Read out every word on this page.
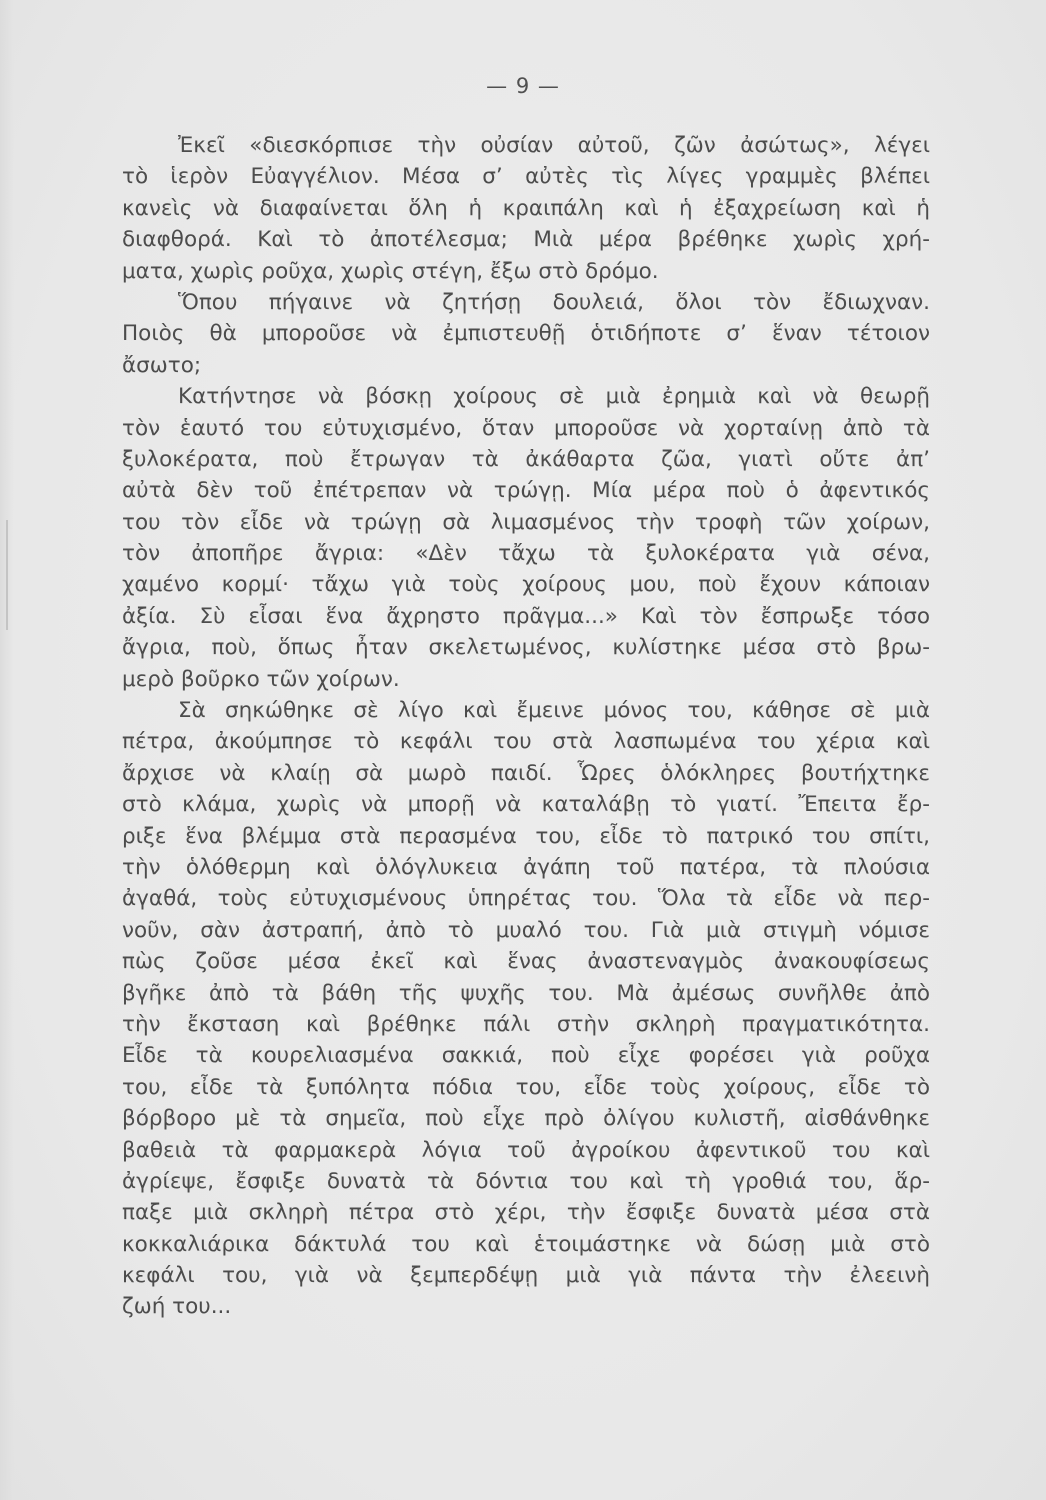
— 9 —
Ἐκεῖ «διεσκόρπισε τὴν οὐσίαν αὐτοῦ, ζῶν ἀσώτως», λέγει
τὸ ἱερὸν Εὐαγγέλιον. Μέσα σ’ αὐτὲς τὶς λίγες γραμμὲς βλέπει
κανεὶς νὰ διαφαίνεται ὅλη ἡ κραιπάλη καὶ ἡ ἐξαχρείωση καὶ ἡ
διαφθορά. Καὶ τὸ ἀποτέλεσμα; Μιὰ μέρα βρέθηκε χωρὶς χρή-
ματα, χωρὶς ροῦχα, χωρὶς στέγη, ἔξω στὸ δρόμο.
Ὅπου πήγαινε νὰ ζητήσῃ δουλειά, ὅλοι τὸν ἔδιωχναν.
Ποιὸς θὰ μποροῦσε νὰ ἐμπιστευθῇ ὁτιδήποτε σ’ ἕναν τέτοιον
ἄσωτο;
Κατήντησε νὰ βόσκῃ χοίρους σὲ μιὰ ἐρημιὰ καὶ νὰ θεωρῇ
τὸν ἑαυτό του εὐτυχισμένο, ὅταν μποροῦσε νὰ χορταίνῃ ἀπὸ τὰ
ξυλοκέρατα, ποὺ ἔτρωγαν τὰ ἀκάθαρτα ζῶα, γιατὶ οὔτε ἀπ’
αὐτὰ δὲν τοῦ ἐπέτρεπαν νὰ τρώγῃ. Μία μέρα ποὺ ὁ ἀφεντικός
του τὸν εἶδε νὰ τρώγῃ σὰ λιμασμένος τὴν τροφὴ τῶν χοίρων,
τὸν ἀποπῆρε ἄγρια: «Δὲν τἄχω τὰ ξυλοκέρατα γιὰ σένα,
χαμένο κορμί· τἄχω γιὰ τοὺς χοίρους μου, ποὺ ἔχουν κάποιαν
ἀξία. Σὺ εἶσαι ἕνα ἄχρηστο πρᾶγμα...» Καὶ τὸν ἔσπρωξε τόσο
ἄγρια, ποὺ, ὅπως ἦταν σκελετωμένος, κυλίστηκε μέσα στὸ βρω-
μερὸ βοῦρκο τῶν χοίρων.
Σὰ σηκώθηκε σὲ λίγο καὶ ἔμεινε μόνος του, κάθησε σὲ μιὰ
πέτρα, ἀκούμπησε τὸ κεφάλι του στὰ λασπωμένα του χέρια καὶ
ἄρχισε νὰ κλαίῃ σὰ μωρὸ παιδί. Ὧρες ὁλόκληρες βουτήχτηκε
στὸ κλάμα, χωρὶς νὰ μπορῇ νὰ καταλάβῃ τὸ γιατί. Ἔπειτα ἔρ-
ριξε ἕνα βλέμμα στὰ περασμένα του, εἶδε τὸ πατρικό του σπίτι,
τὴν ὁλόθερμη καὶ ὁλόγλυκεια ἀγάπη τοῦ πατέρα, τὰ πλούσια
ἀγαθά, τοὺς εὐτυχισμένους ὑπηρέτας του. Ὅλα τὰ εἶδε νὰ περ-
νοῦν, σὰν ἀστραπή, ἀπὸ τὸ μυαλό του. Γιὰ μιὰ στιγμὴ νόμισε
πὼς ζοῦσε μέσα ἐκεῖ καὶ ἕνας ἀναστεναγμὸς ἀνακουφίσεως
βγῆκε ἀπὸ τὰ βάθη τῆς ψυχῆς του. Μὰ ἀμέσως συνῆλθε ἀπὸ
τὴν ἔκσταση καὶ βρέθηκε πάλι στὴν σκληρὴ πραγματικότητα.
Εἶδε τὰ κουρελιασμένα σακκιά, ποὺ εἶχε φορέσει γιὰ ροῦχα
του, εἶδε τὰ ξυπόλητα πόδια του, εἶδε τοὺς χοίρους, εἶδε τὸ
βόρβορο μὲ τὰ σημεῖα, ποὺ εἶχε πρὸ ὀλίγου κυλιστῆ, αἰσθάνθηκε
βαθειὰ τὰ φαρμακερὰ λόγια τοῦ ἀγροίκου ἀφεντικοῦ του καὶ
ἀγρίεψε, ἔσφιξε δυνατὰ τὰ δόντια του καὶ τὴ γροθιά του, ἅρ-
παξε μιὰ σκληρὴ πέτρα στὸ χέρι, τὴν ἔσφιξε δυνατὰ μέσα στὰ
κοκκαλιάρικα δάκτυλά του καὶ ἑτοιμάστηκε νὰ δώσῃ μιὰ στὸ
κεφάλι του, γιὰ νὰ ξεμπερδέψῃ μιὰ γιὰ πάντα τὴν ἐλεεινὴ
ζωή του...
